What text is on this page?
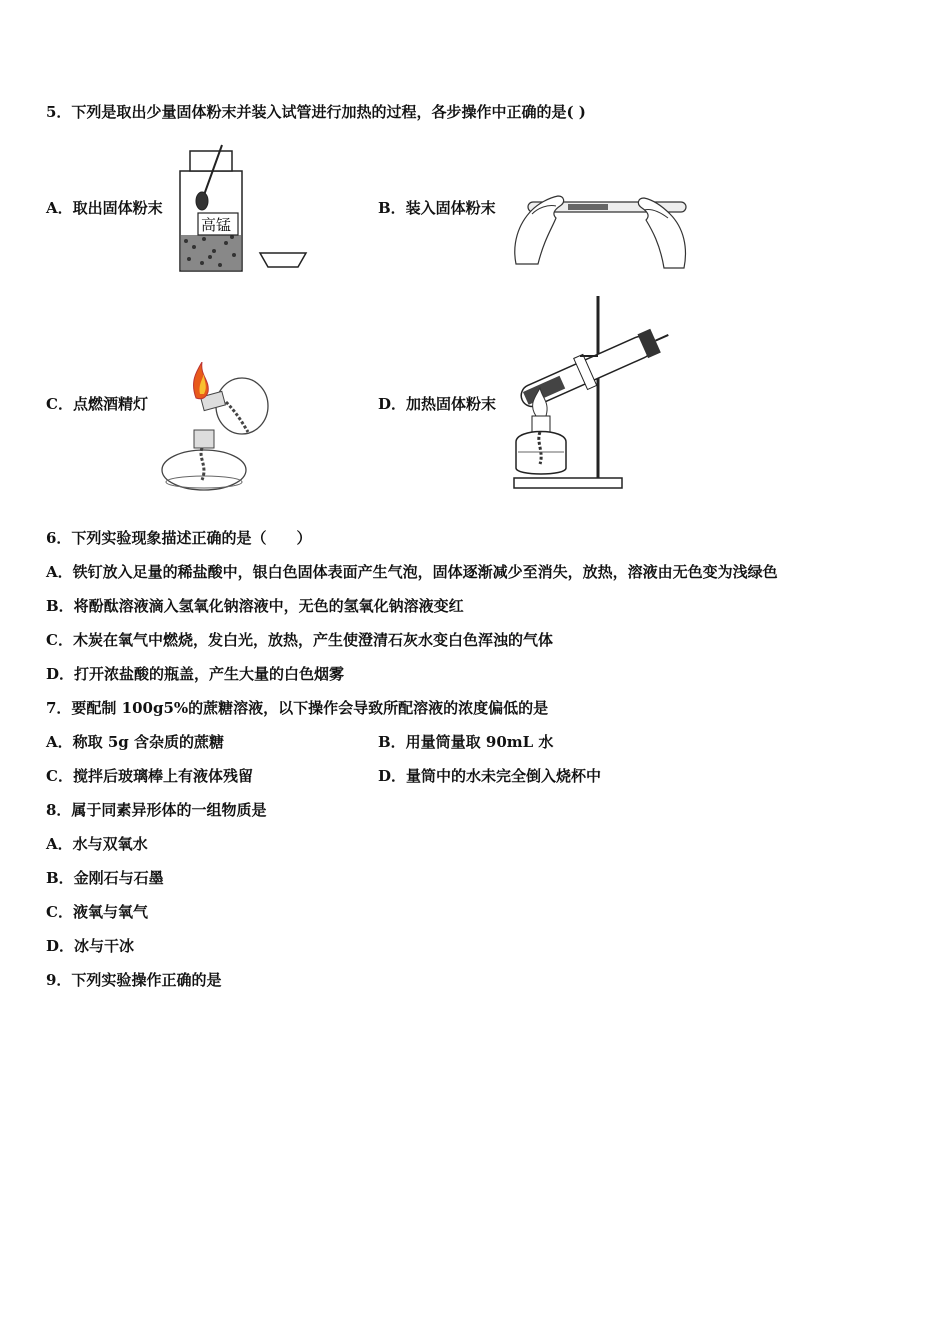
5．下列是取出少量固体粉末并装入试管进行加热的过程，各步操作中正确的是( )
A．取出固体粉末
高锰
B．装入固体粉末
C．点燃酒精灯	D．加热固体粉末
6．下列实验现象描述正确的是（　　）
A．铁钉放入足量的稀盐酸中，银白色固体表面产生气泡，固体逐渐减少至消失，放热，溶液由无色变为浅绿色
B．将酚酞溶液滴入氢氧化钠溶液中，无色的氢氧化钠溶液变红
C．木炭在氧气中燃烧，发白光，放热，产生使澄清石灰水变白色浑浊的气体
D．打开浓盐酸的瓶盖，产生大量的白色烟雾
7．要配制 100g5%的蔗糖溶液，以下操作会导致所配溶液的浓度偏低的是
A．称取 5g 含杂质的蔗糖	B．用量筒量取 90mL 水
C．搅拌后玻璃棒上有液体残留	D．量筒中的水未完全倒入烧杯中
8．属于同素异形体的一组物质是
A．水与双氧水
B．金刚石与石墨
C．液氧与氧气
D．冰与干冰
9．下列实验操作正确的是
